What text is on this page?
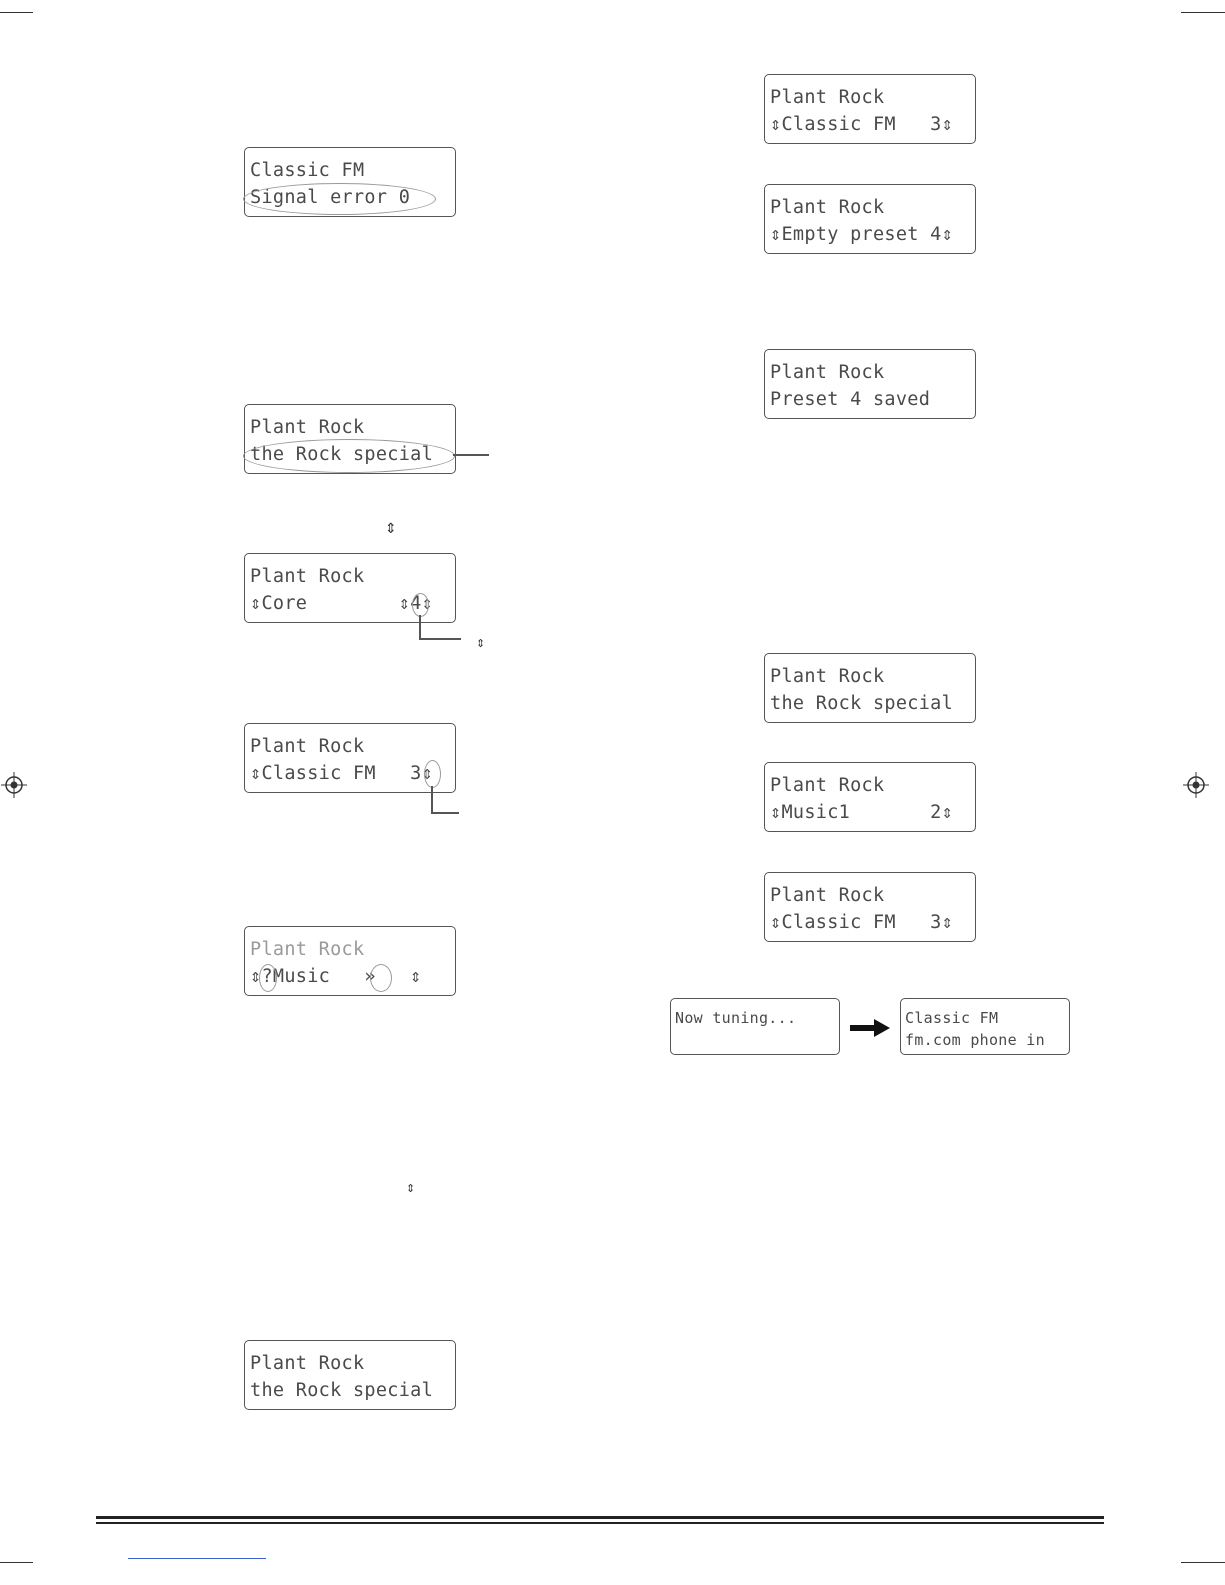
Classic FM
Signal error 0
Plant Rock
the Rock special
⇕
Plant Rock
⇕Core        ⇕4⇕
⇕
Plant Rock
⇕Classic FM   3⇕
Plant Rock
⇕?Music   »   ⇕
⇕
Plant Rock
the Rock special
Plant Rock
⇕Classic FM   3⇕
Plant Rock
⇕Empty preset 4⇕
Plant Rock
Preset 4 saved
Plant Rock
the Rock special
Plant Rock
⇕Music1       2⇕
Plant Rock
⇕Classic FM   3⇕
Now tuning...	Classic FM
fm.com phone in
